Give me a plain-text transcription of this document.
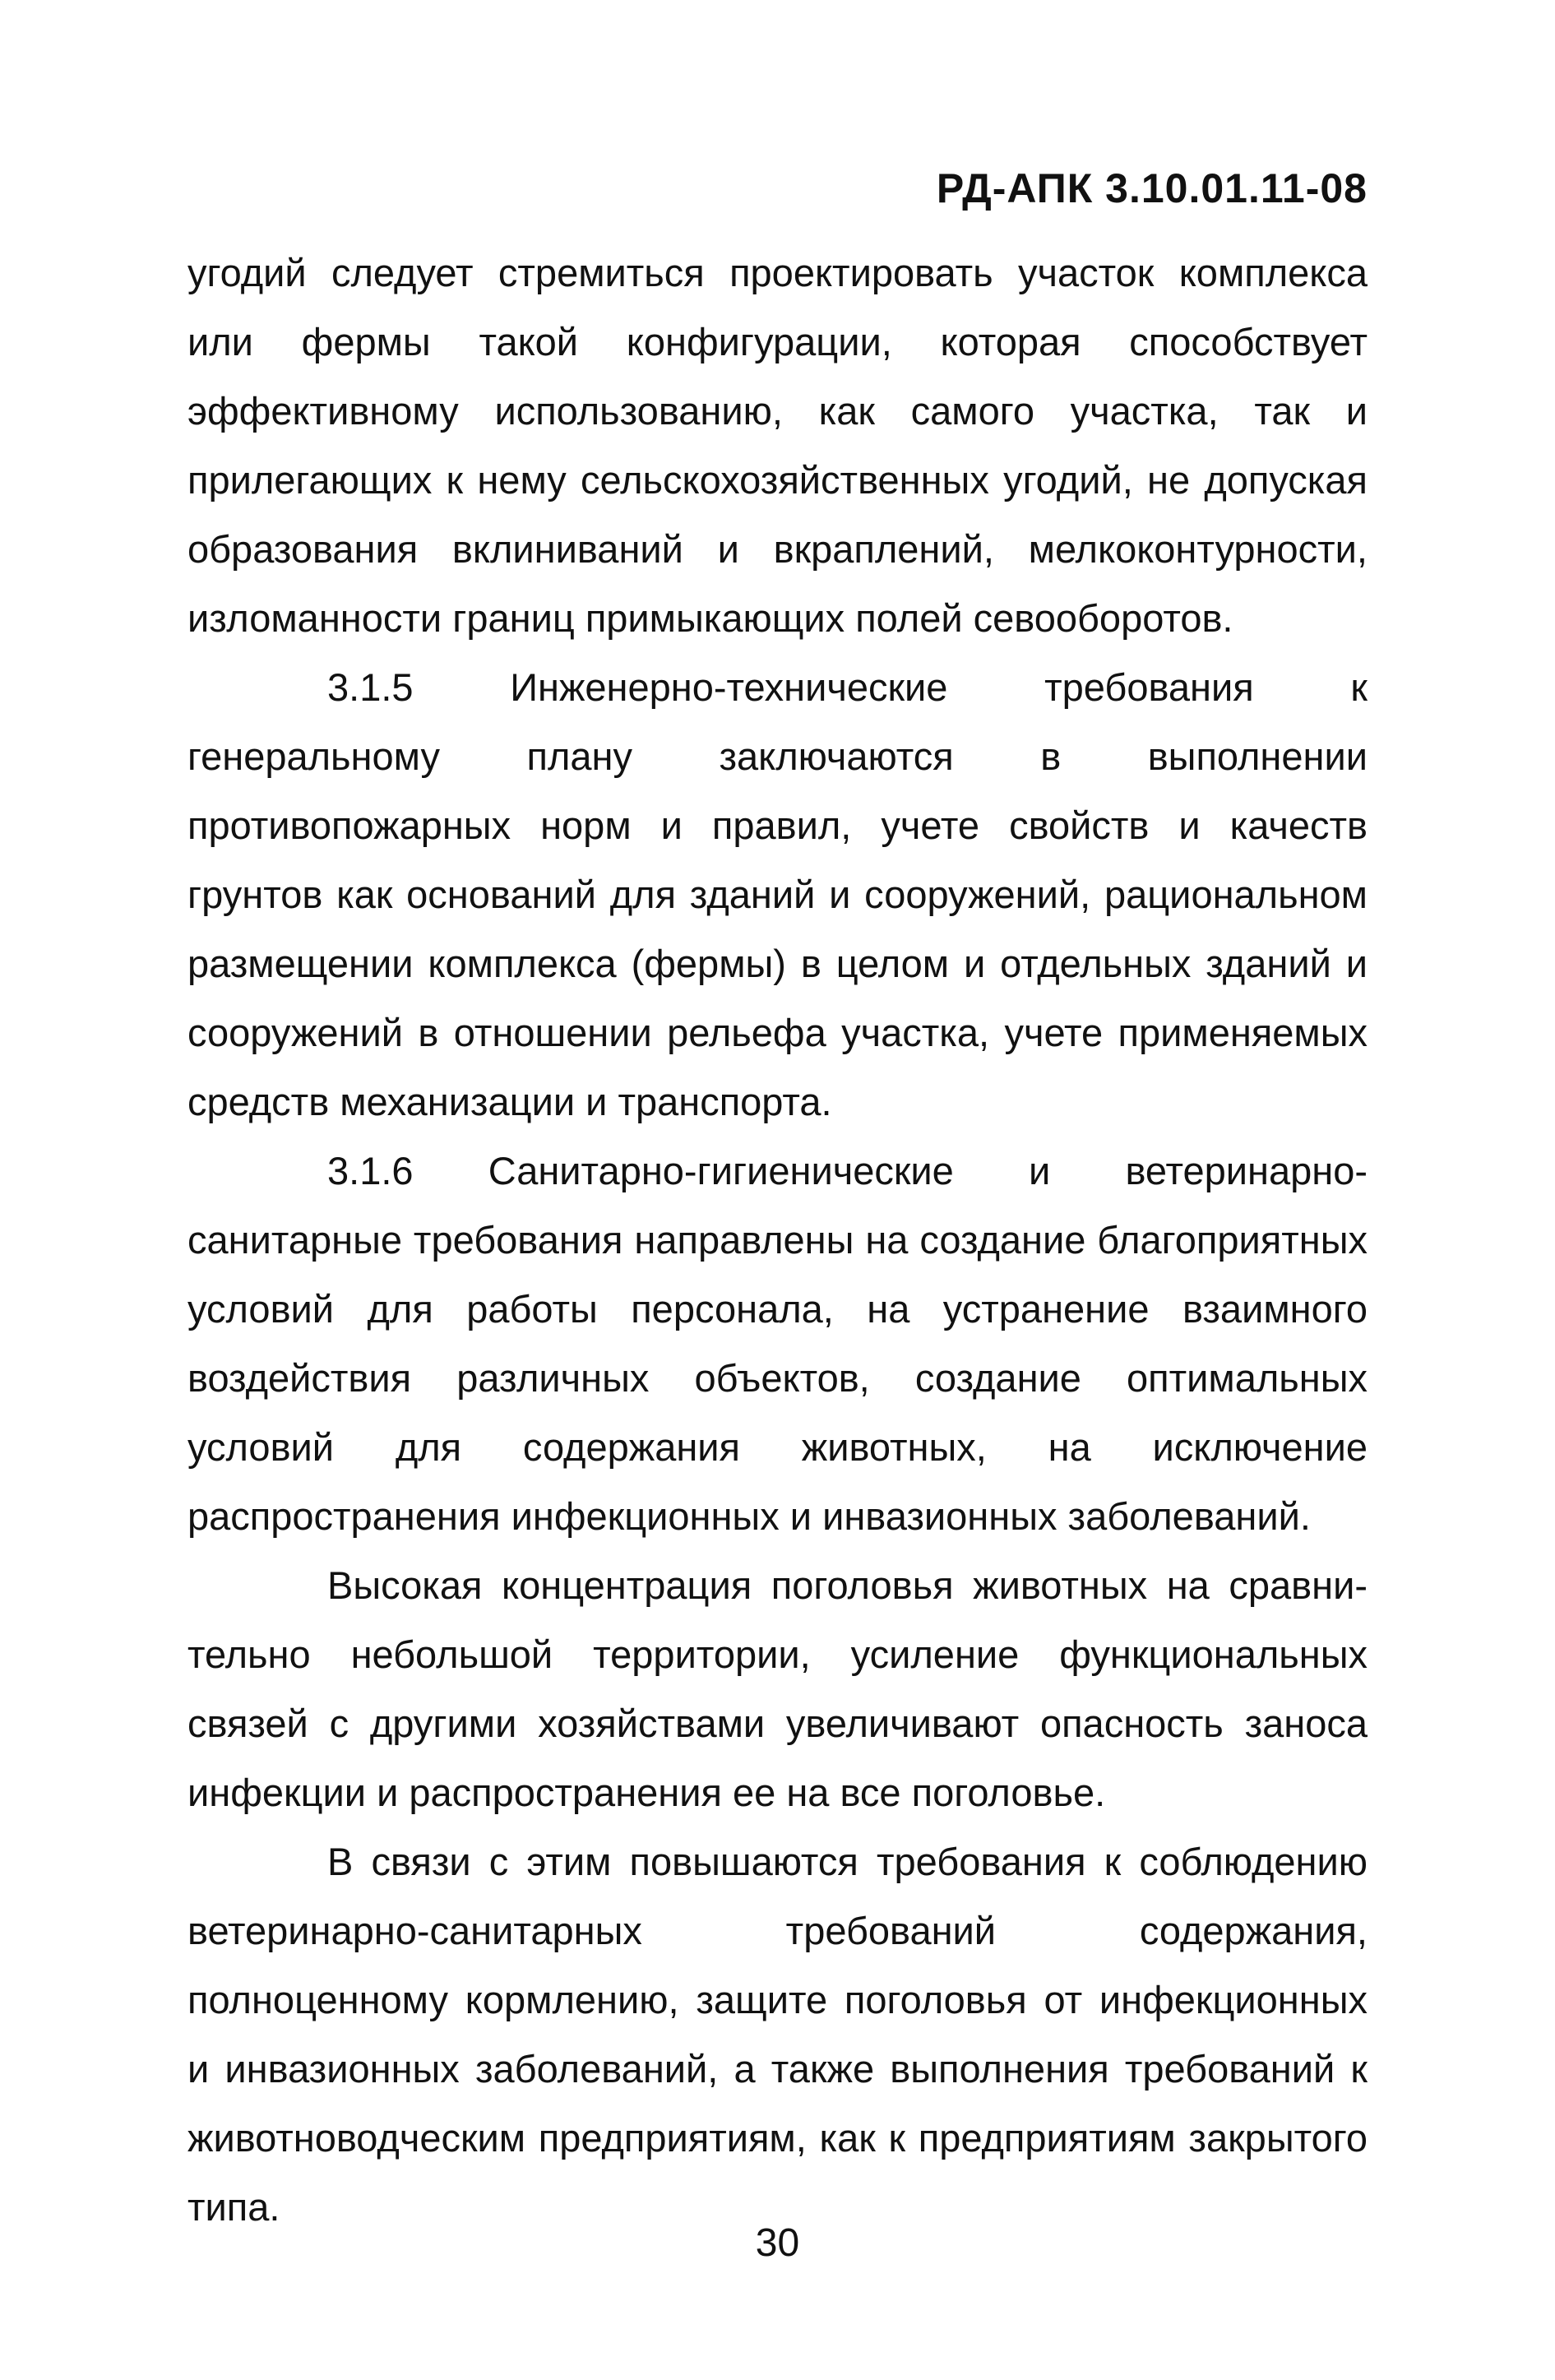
РД-АПК 3.10.01.11-08

угодий следует стремиться проектировать участок комплекса или фермы такой конфигурации, которая способствует эффективному использованию, как самого участка, так и прилегающих к нему сельскохозяйственных угодий, не допуская образования вклиниваний и вкраплений, мелкоконтурности, изломанности границ примыкающих полей севооборотов.

3.1.5 Инженерно-технические требования к генеральному плану заключаются в выполнении противопожарных норм и правил, учете свойств и качеств грунтов как оснований для зданий и сооружений, рациональном размещении комплекса (фермы) в целом и отдельных зданий и сооружений в отношении рельефа участка, учете применяемых средств механизации и транспорта.

3.1.6 Санитарно-гигиенические и ветеринарно-санитарные требования направлены на создание благоприятных условий для работы персонала, на устранение взаимного воздействия различных объектов, создание оптимальных условий для содержания животных, на исключение распространения инфекционных и инвазионных заболеваний.

Высокая концентрация поголовья животных на сравнительно небольшой территории, усиление функциональных связей с другими хозяйствами увеличивают опасность заноса инфекции и распространения ее на все поголовье.

В связи с этим повышаются требования к соблюдению ветеринарно-санитарных требований содержания, полноценному кормлению, защите поголовья от инфекционных и инвазионных заболеваний, а также выполнения требований к животноводческим предприятиям, как к предприятиям закрытого типа.

30
